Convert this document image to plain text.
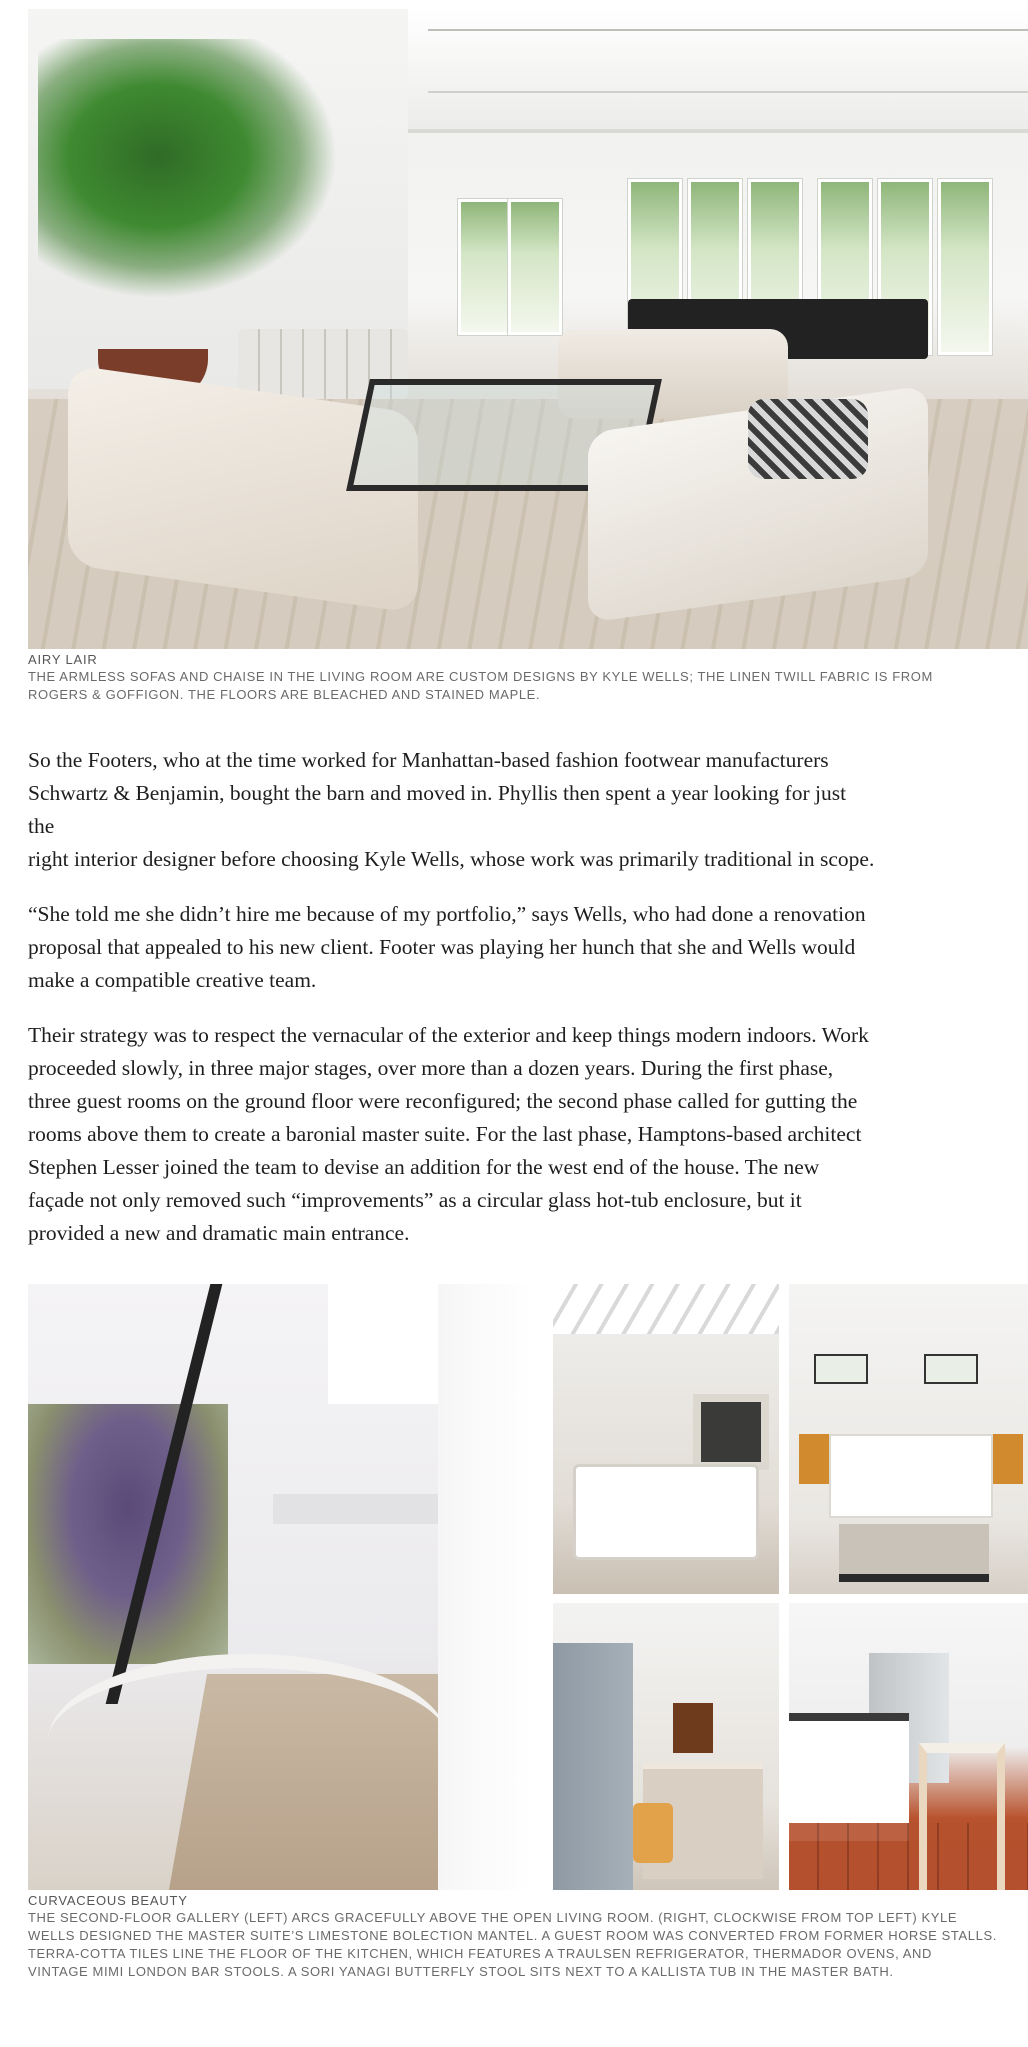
AIRY LAIR

THE ARMLESS SOFAS AND CHAISE IN THE LIVING ROOM ARE CUSTOM DESIGNS BY KYLE WELLS; THE LINEN TWILL FABRIC IS FROM
ROGERS & GOFFIGON. THE FLOORS ARE BLEACHED AND STAINED MAPLE.

So the Footers, who at the time worked for Manhattan-based fashion footwear manufacturers
Schwartz & Benjamin, bought the barn and moved in. Phyllis then spent a year looking for just
the
right interior designer before choosing Kyle Wells, whose work was primarily traditional in scope.

“She told me she didn’t hire me because of my portfolio,” says Wells, who had done a renovation
proposal that appealed to his new client. Footer was playing her hunch that she and Wells would
make a compatible creative team.

Their strategy was to respect the vernacular of the exterior and keep things modern indoors. Work
proceeded slowly, in three major stages, over more than a dozen years. During the first phase,
three guest rooms on the ground floor were reconfigured; the second phase called for gutting the
rooms above them to create a baronial master suite. For the last phase, Hamptons-based architect
Stephen Lesser joined the team to devise an addition for the west end of the house. The new
façade not only removed such “improvements” as a circular glass hot-tub enclosure, but it
provided a new and dramatic main entrance.

CURVACEOUS BEAUTY

THE SECOND-FLOOR GALLERY (LEFT) ARCS GRACEFULLY ABOVE THE OPEN LIVING ROOM. (RIGHT, CLOCKWISE FROM TOP LEFT) KYLE
WELLS DESIGNED THE MASTER SUITE’S LIMESTONE BOLECTION MANTEL. A GUEST ROOM WAS CONVERTED FROM FORMER HORSE STALLS.
TERRA-COTTA TILES LINE THE FLOOR OF THE KITCHEN, WHICH FEATURES A TRAULSEN REFRIGERATOR, THERMADOR OVENS, AND
VINTAGE MIMI LONDON BAR STOOLS. A SORI YANAGI BUTTERFLY STOOL SITS NEXT TO A KALLISTA TUB IN THE MASTER BATH.
